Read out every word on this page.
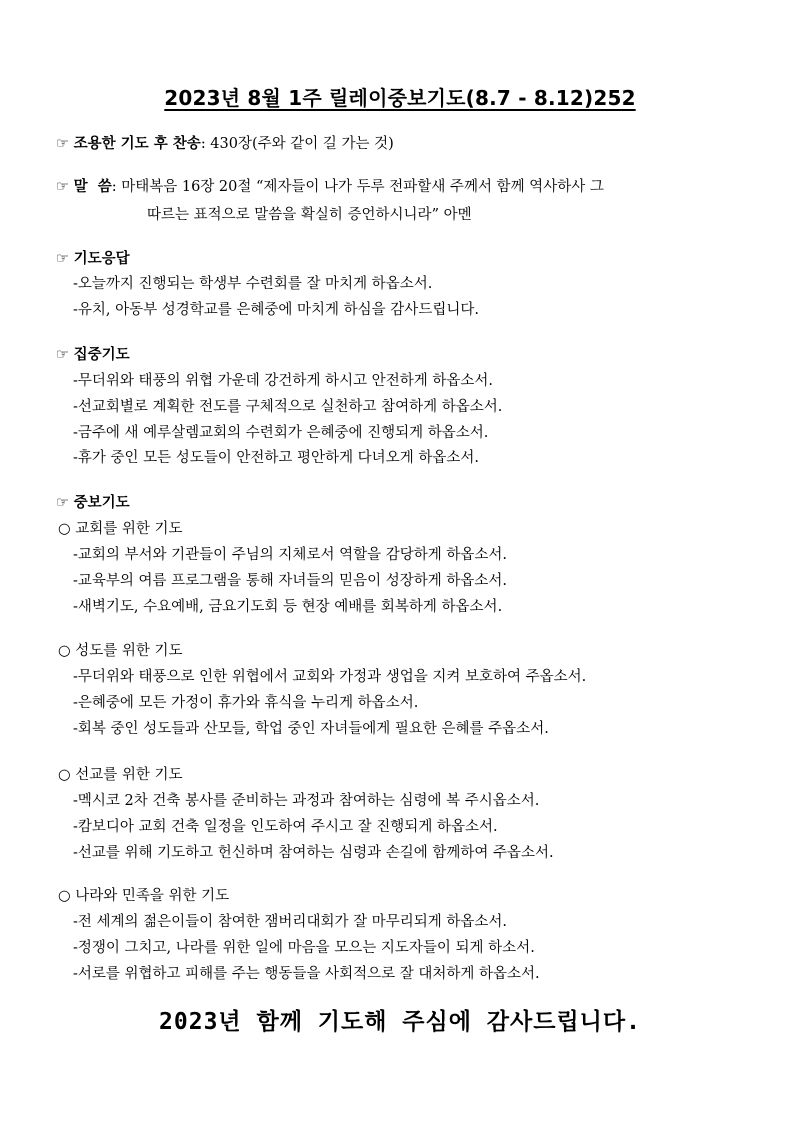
2023년 8월 1주 릴레이중보기도(8.7 - 8.12)252
☞ 조용한 기도 후 찬송: 430장(주와 같이 길 가는 것)
☞ 말  씀: 마태복음 16장 20절 “제자들이 나가 두루 전파할새 주께서 함께 역사하사 그
따르는 표적으로 말씀을 확실히 증언하시니라” 아멘
☞ 기도응답
-오늘까지 진행되는 학생부 수련회를 잘 마치게 하옵소서.
-유치, 아동부 성경학교를 은혜중에 마치게 하심을 감사드립니다.
☞ 집중기도
-무더위와 태풍의 위협 가운데 강건하게 하시고 안전하게 하옵소서.
-선교회별로 계획한 전도를 구체적으로 실천하고 참여하게 하옵소서.
-금주에 새 예루살렘교회의 수련회가 은혜중에 진행되게 하옵소서.
-휴가 중인 모든 성도들이 안전하고 평안하게 다녀오게 하옵소서.
☞ 중보기도
○ 교회를 위한 기도
-교회의 부서와 기관들이 주님의 지체로서 역할을 감당하게 하옵소서.
-교육부의 여름 프로그램을 통해 자녀들의 믿음이 성장하게 하옵소서.
-새벽기도, 수요예배, 금요기도회 등 현장 예배를 회복하게 하옵소서.
○ 성도를 위한 기도
-무더위와 태풍으로 인한 위협에서 교회와 가정과 생업을 지켜 보호하여 주옵소서.
-은혜중에 모든 가정이 휴가와 휴식을 누리게 하옵소서.
-회복 중인 성도들과 산모들, 학업 중인 자녀들에게 필요한 은혜를 주옵소서.
○ 선교를 위한 기도
-멕시코 2차 건축 봉사를 준비하는 과정과 참여하는 심령에 복 주시옵소서.
-캄보디아 교회 건축 일정을 인도하여 주시고 잘 진행되게 하옵소서.
-선교를 위해 기도하고 헌신하며 참여하는 심령과 손길에 함께하여 주옵소서.
○ 나라와 민족을 위한 기도
-전 세계의 젊은이들이 참여한 잼버리대회가 잘 마무리되게 하옵소서.
-정쟁이 그치고, 나라를 위한 일에 마음을 모으는 지도자들이 되게 하소서.
-서로를 위협하고 피해를 주는 행동들을 사회적으로 잘 대처하게 하옵소서.
2023년 함께 기도해 주심에 감사드립니다.
